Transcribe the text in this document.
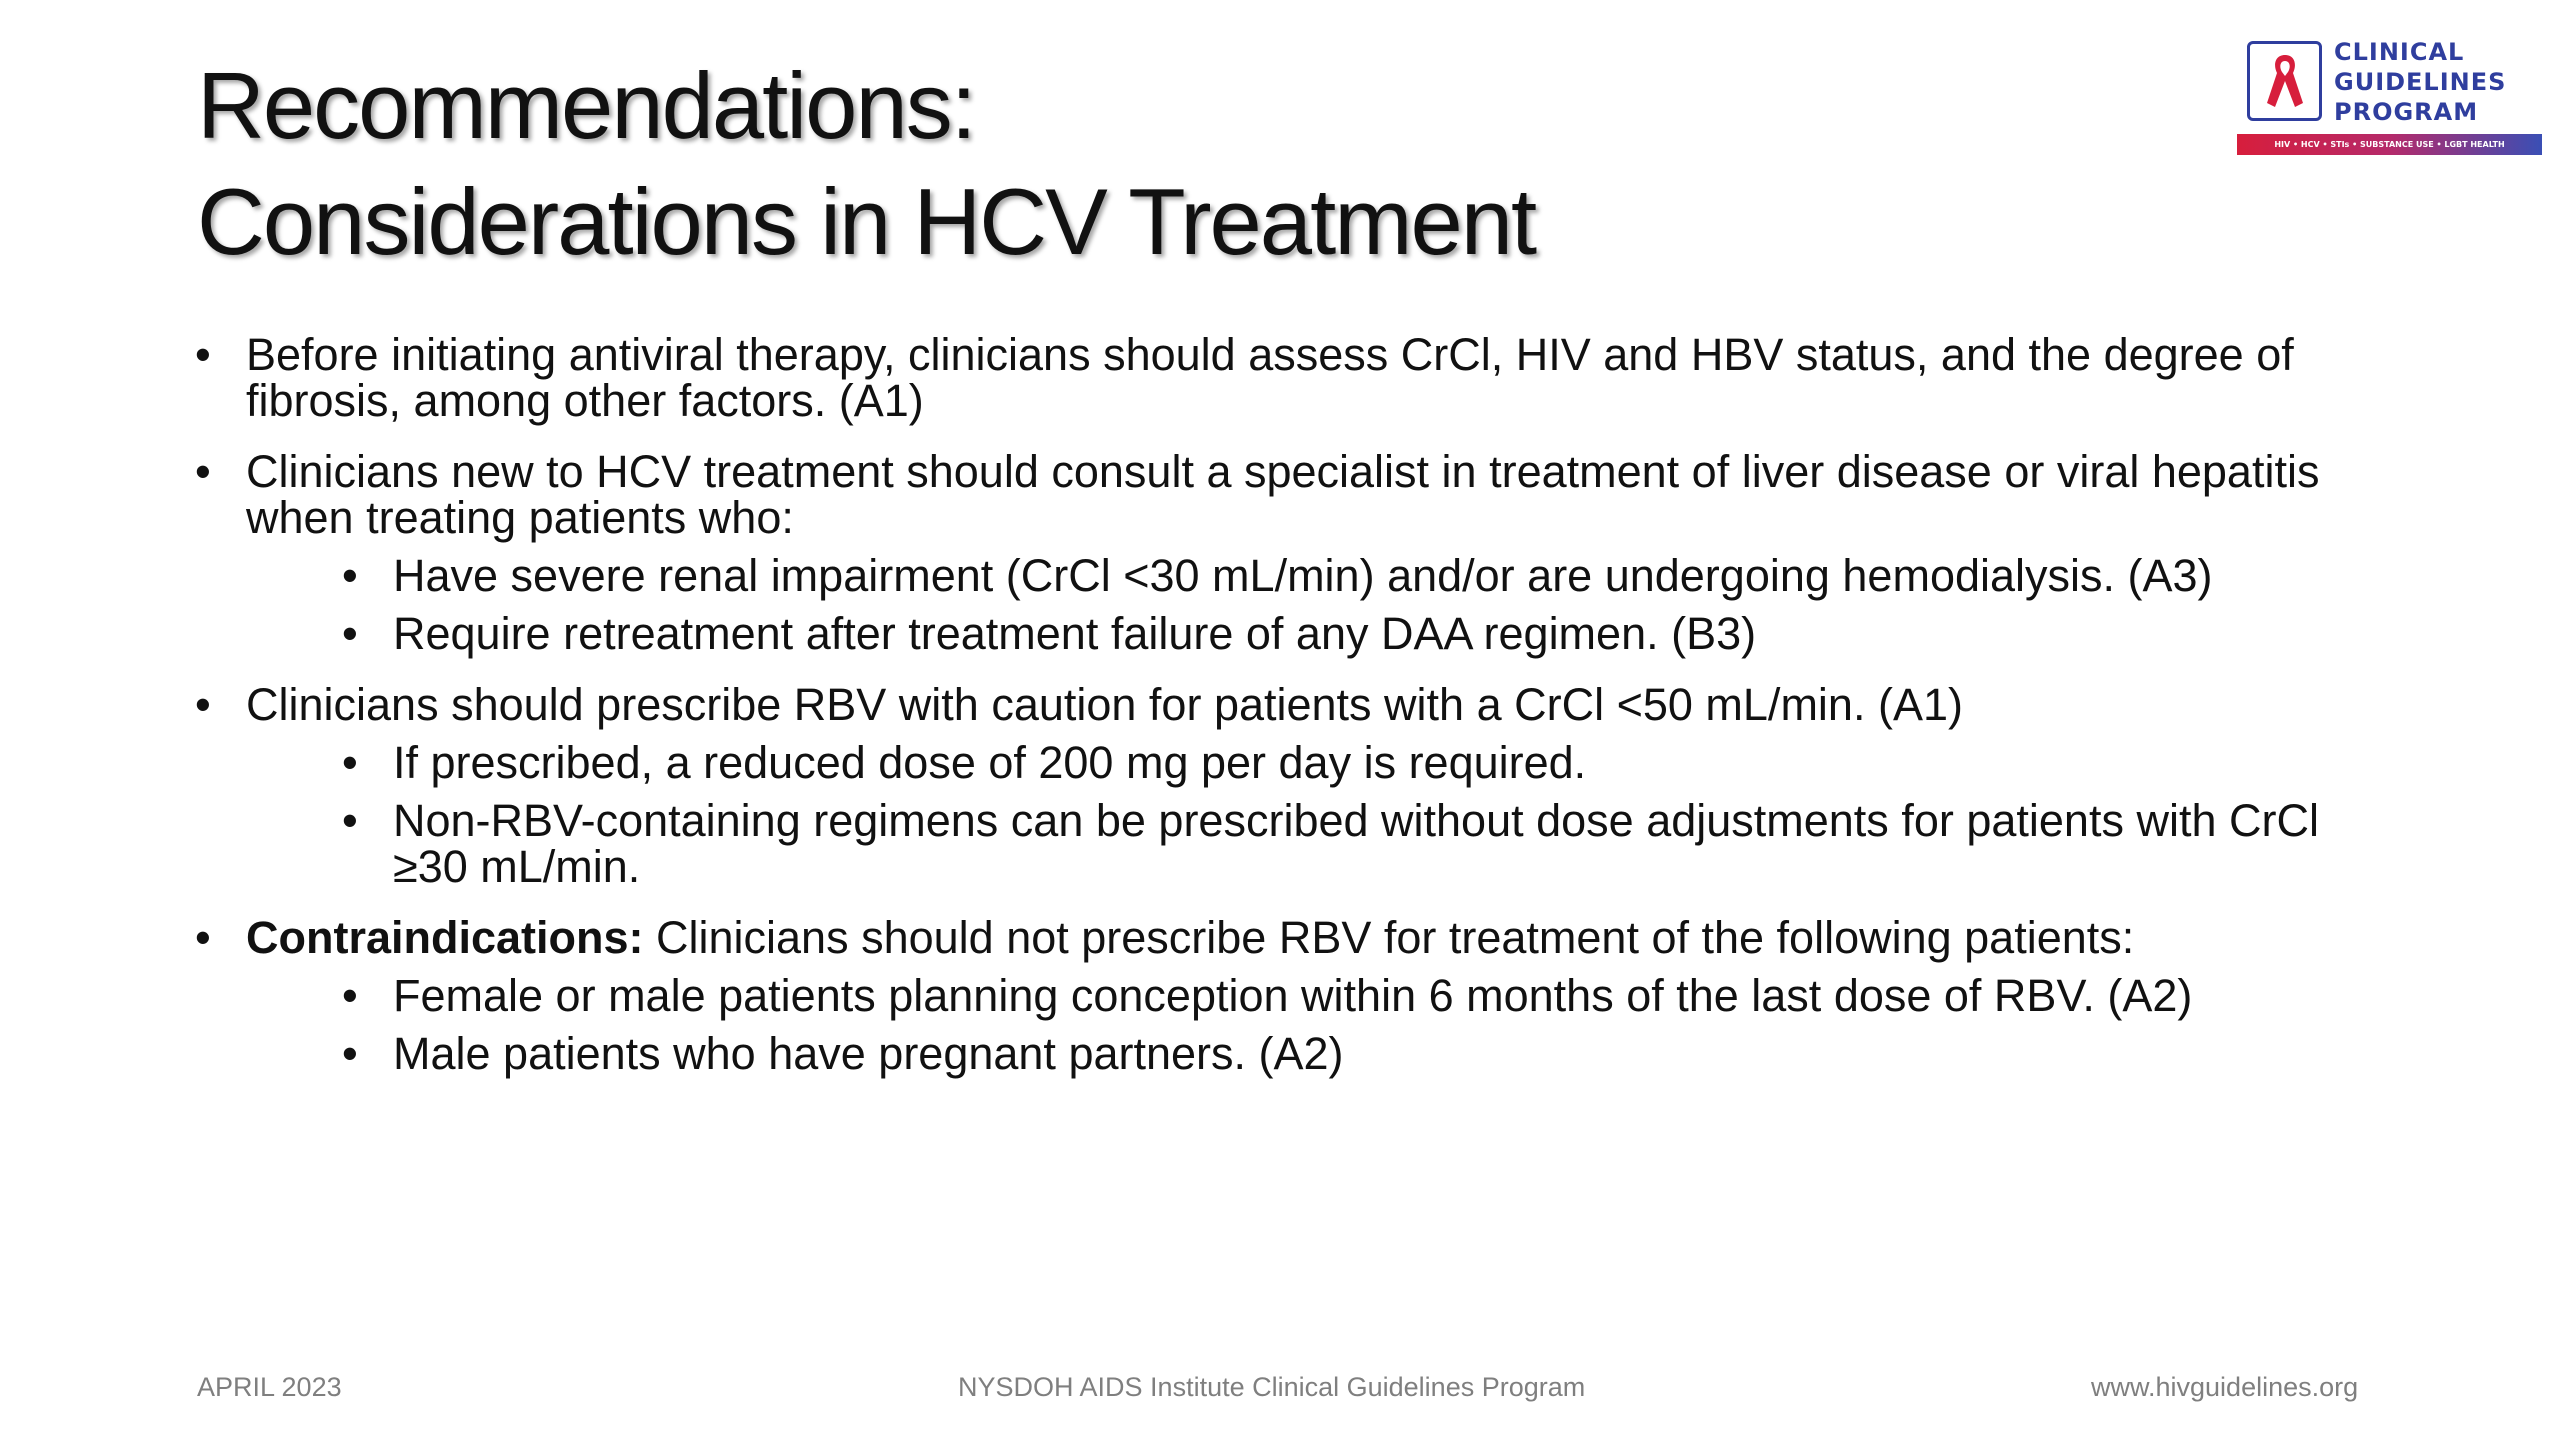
Recommendations:
Considerations in HCV Treatment
CLINICAL
GUIDELINES
PROGRAM
HIV • HCV • STIs • SUBSTANCE USE • LGBT HEALTH
• Before initiating antiviral therapy, clinicians should assess CrCl, HIV and HBV status, and the degree of fibrosis, among other factors. (A1)
• Clinicians new to HCV treatment should consult a specialist in treatment of liver disease or viral hepatitis when treating patients who:
• Have severe renal impairment (CrCl <30 mL/min) and/or are undergoing hemodialysis. (A3)
• Require retreatment after treatment failure of any DAA regimen. (B3)
• Clinicians should prescribe RBV with caution for patients with a CrCl <50 mL/min. (A1)
• If prescribed, a reduced dose of 200 mg per day is required.
• Non-RBV-containing regimens can be prescribed without dose adjustments for patients with CrCl ≥30 mL/min.
• Contraindications: Clinicians should not prescribe RBV for treatment of the following patients:
• Female or male patients planning conception within 6 months of the last dose of RBV. (A2)
• Male patients who have pregnant partners. (A2)
APRIL 2023	NYSDOH AIDS Institute Clinical Guidelines Program	www.hivguidelines.org
